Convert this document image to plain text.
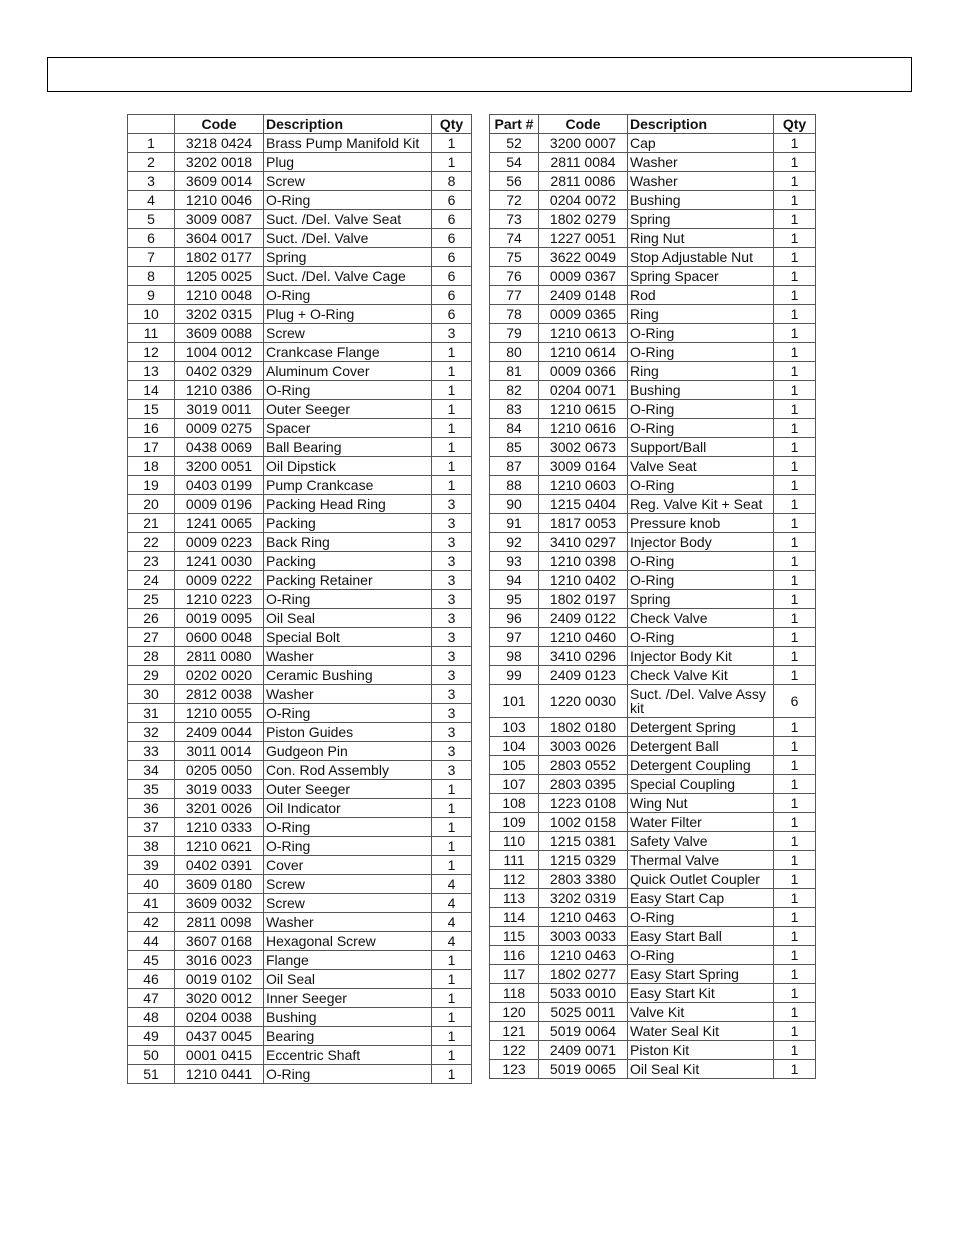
	Code	Description	Qty
1	3218 0424	Brass Pump Manifold Kit	1
2	3202 0018	Plug	1
3	3609 0014	Screw	8
4	1210 0046	O-Ring	6
5	3009 0087	Suct. /Del. Valve Seat	6
6	3604 0017	Suct. /Del. Valve	6
7	1802 0177	Spring	6
8	1205 0025	Suct. /Del. Valve Cage	6
9	1210 0048	O-Ring	6
10	3202 0315	Plug + O-Ring	6
11	3609 0088	Screw	3
12	1004 0012	Crankcase Flange	1
13	0402 0329	Aluminum Cover	1
14	1210 0386	O-Ring	1
15	3019 0011	Outer Seeger	1
16	0009 0275	Spacer	1
17	0438 0069	Ball Bearing	1
18	3200 0051	Oil Dipstick	1
19	0403 0199	Pump Crankcase	1
20	0009 0196	Packing Head Ring	3
21	1241 0065	Packing	3
22	0009 0223	Back Ring	3
23	1241 0030	Packing	3
24	0009 0222	Packing Retainer	3
25	1210 0223	O-Ring	3
26	0019 0095	Oil Seal	3
27	0600 0048	Special Bolt	3
28	2811 0080	Washer	3
29	0202 0020	Ceramic Bushing	3
30	2812 0038	Washer	3
31	1210 0055	O-Ring	3
32	2409 0044	Piston Guides	3
33	3011 0014	Gudgeon Pin	3
34	0205 0050	Con. Rod Assembly	3
35	3019 0033	Outer Seeger	1
36	3201 0026	Oil Indicator	1
37	1210 0333	O-Ring	1
38	1210 0621	O-Ring	1
39	0402 0391	Cover	1
40	3609 0180	Screw	4
41	3609 0032	Screw	4
42	2811 0098	Washer	4
44	3607 0168	Hexagonal Screw	4
45	3016 0023	Flange	1
46	0019 0102	Oil Seal	1
47	3020 0012	Inner Seeger	1
48	0204 0038	Bushing	1
49	0437 0045	Bearing	1
50	0001 0415	Eccentric Shaft	1
51	1210 0441	O-Ring	1
Part #	Code	Description	Qty
52	3200 0007	Cap	1
54	2811 0084	Washer	1
56	2811 0086	Washer	1
72	0204 0072	Bushing	1
73	1802 0279	Spring	1
74	1227 0051	Ring Nut	1
75	3622 0049	Stop Adjustable Nut	1
76	0009 0367	Spring Spacer	1
77	2409 0148	Rod	1
78	0009 0365	Ring	1
79	1210 0613	O-Ring	1
80	1210 0614	O-Ring	1
81	0009 0366	Ring	1
82	0204 0071	Bushing	1
83	1210 0615	O-Ring	1
84	1210 0616	O-Ring	1
85	3002 0673	Support/Ball	1
87	3009 0164	Valve Seat	1
88	1210 0603	O-Ring	1
90	1215 0404	Reg. Valve Kit + Seat	1
91	1817 0053	Pressure knob	1
92	3410 0297	Injector Body	1
93	1210 0398	O-Ring	1
94	1210 0402	O-Ring	1
95	1802 0197	Spring	1
96	2409 0122	Check Valve	1
97	1210 0460	O-Ring	1
98	3410 0296	Injector Body Kit	1
99	2409 0123	Check Valve Kit	1
101	1220 0030	Suct. /Del. Valve Assy kit	6
103	1802 0180	Detergent Spring	1
104	3003 0026	Detergent Ball	1
105	2803 0552	Detergent Coupling	1
107	2803 0395	Special Coupling	1
108	1223 0108	Wing Nut	1
109	1002 0158	Water Filter	1
110	1215 0381	Safety Valve	1
111	1215 0329	Thermal Valve	1
112	2803 3380	Quick Outlet Coupler	1
113	3202 0319	Easy Start Cap	1
114	1210 0463	O-Ring	1
115	3003 0033	Easy Start Ball	1
116	1210 0463	O-Ring	1
117	1802 0277	Easy Start Spring	1
118	5033 0010	Easy Start Kit	1
120	5025 0011	Valve Kit	1
121	5019 0064	Water Seal Kit	1
122	2409 0071	Piston Kit	1
123	5019 0065	Oil Seal Kit	1
